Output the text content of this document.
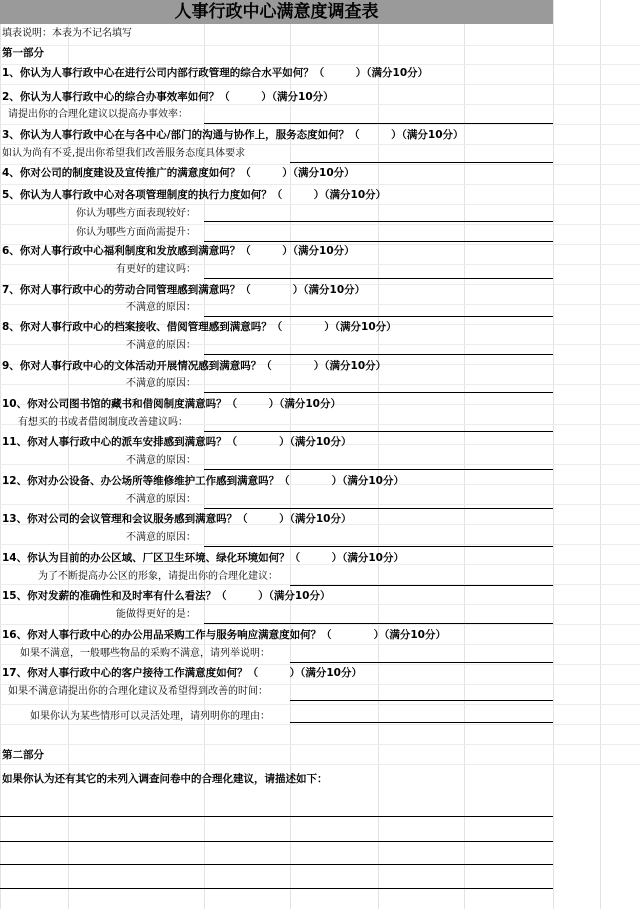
人事行政中心满意度调查表
填表说明：本表为不记名填写
第一部分
1、你认为人事行政中心在进行公司内部行政管理的综合水平如何？（　　　）（满分10分）
2、你认为人事行政中心的综合办事效率如何？（　　　）（满分10分）
请提出你的合理化建议以提高办事效率：
3、你认为人事行政中心在与各中心/部门的沟通与协作上，服务态度如何？（　　　）（满分10分）
如认为尚有不妥,提出你希望我们改善服务态度具体要求
4、你对公司的制度建设及宣传推广的满意度如何？（　　　）（满分10分）
5、你认为人事行政中心对各项管理制度的执行力度如何？（　　　）（满分10分）
你认为哪些方面表现较好：
你认为哪些方面尚需提升：
6、你对人事行政中心福利制度和发放感到满意吗？（　　　）（满分10分）
有更好的建议吗：
7、你对人事行政中心的劳动合同管理感到满意吗？（　　　　）（满分10分）
不满意的原因：
8、你对人事行政中心的档案接收、借阅管理感到满意吗？（　　　　）（满分10分）
不满意的原因：
9、你对人事行政中心的文体活动开展情况感到满意吗？（　　　　）（满分10分）
不满意的原因：
10、你对公司图书馆的藏书和借阅制度满意吗？（　　　）（满分10分）
有想买的书或者借阅制度改善建议吗：
11、你对人事行政中心的派车安排感到满意吗？（　　　　）（满分10分）
不满意的原因：
12、你对办公设备、办公场所等维修维护工作感到满意吗？（　　　　）（满分10分）
不满意的原因：
13、你对公司的会议管理和会议服务感到满意吗？（　　　）（满分10分）
不满意的原因：
14、你认为目前的办公区域、厂区卫生环境、绿化环境如何？（　　　）（满分10分）
为了不断提高办公区的形象，请提出你的合理化建议：
15、你对发薪的准确性和及时率有什么看法？（　　　）（满分10分）
能做得更好的是：
16、你对人事行政中心的办公用品采购工作与服务响应满意度如何？（　　　　）（满分10分）
如果不满意，一般哪些物品的采购不满意，请列举说明：
17、你对人事行政中心的客户接待工作满意度如何？（　　　）（满分10分）
如果不满意请提出你的合理化建议及希望得到改善的时间：
如果你认为某些情形可以灵活处理，请列明你的理由：
第二部分
如果你认为还有其它的未列入调查问卷中的合理化建议，请描述如下：
